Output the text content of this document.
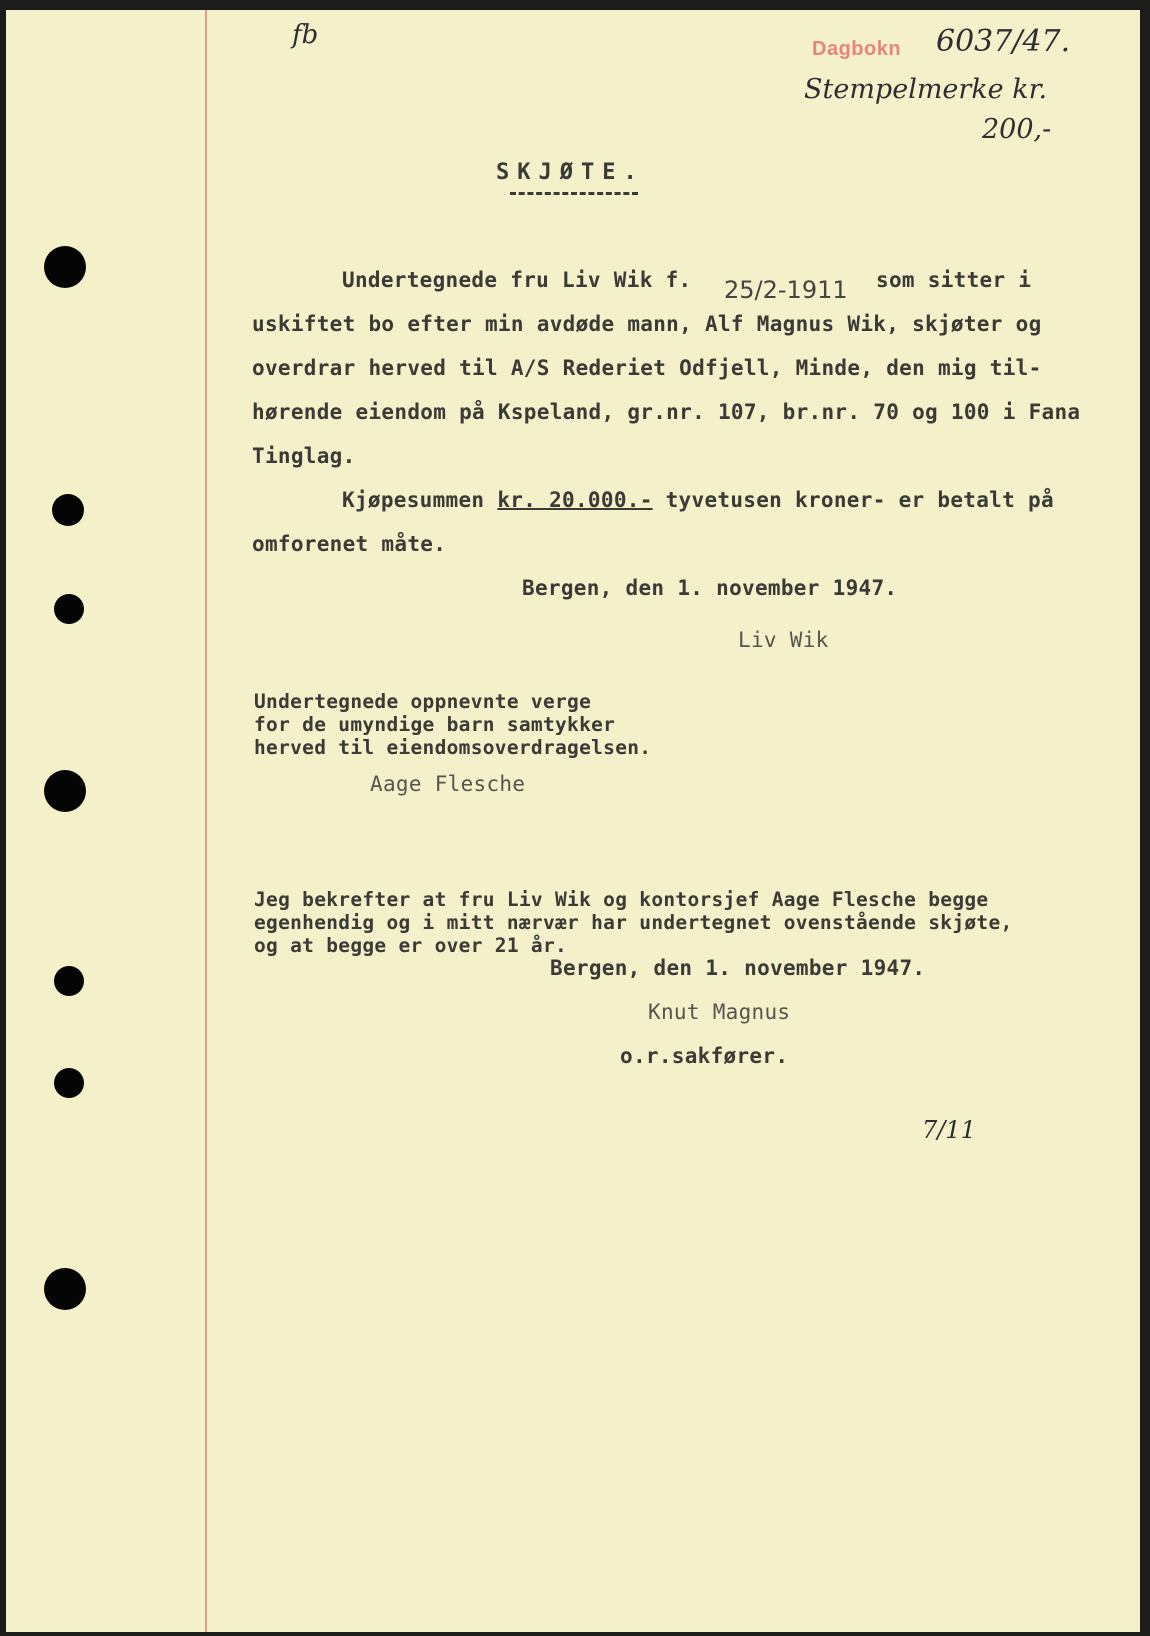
fb	Dagbokn 6037/47.
Stempelmerke kr.
200,-
SKJØTE.
Undertegnede fru Liv Wik f. 25/2-1911 som sitter i
uskiftet bo efter min avdøde mann, Alf Magnus Wik, skjøter og
overdrar herved til A/S Rederiet Odfjell, Minde, den mig til-
hørende eiendom på Kspeland, gr.nr. 107, br.nr. 70 og 100 i Fana
Tinglag.
Kjøpesummen kr. 20.000.- tyvetusen kroner- er betalt på
omforenet måte.
Bergen, den 1. november 1947.
Liv Wik
Undertegnede oppnevnte verge
for de umyndige barn samtykker
herved til eiendomsoverdragelsen.
Aage Flesche
Jeg bekrefter at fru Liv Wik og kontorsjef Aage Flesche begge
egenhendig og i mitt nærvær har undertegnet ovenstående skjøte,
og at begge er over 21 år.
Bergen, den 1. november 1947.
Knut Magnus
o.r.sakfører.
7/11
